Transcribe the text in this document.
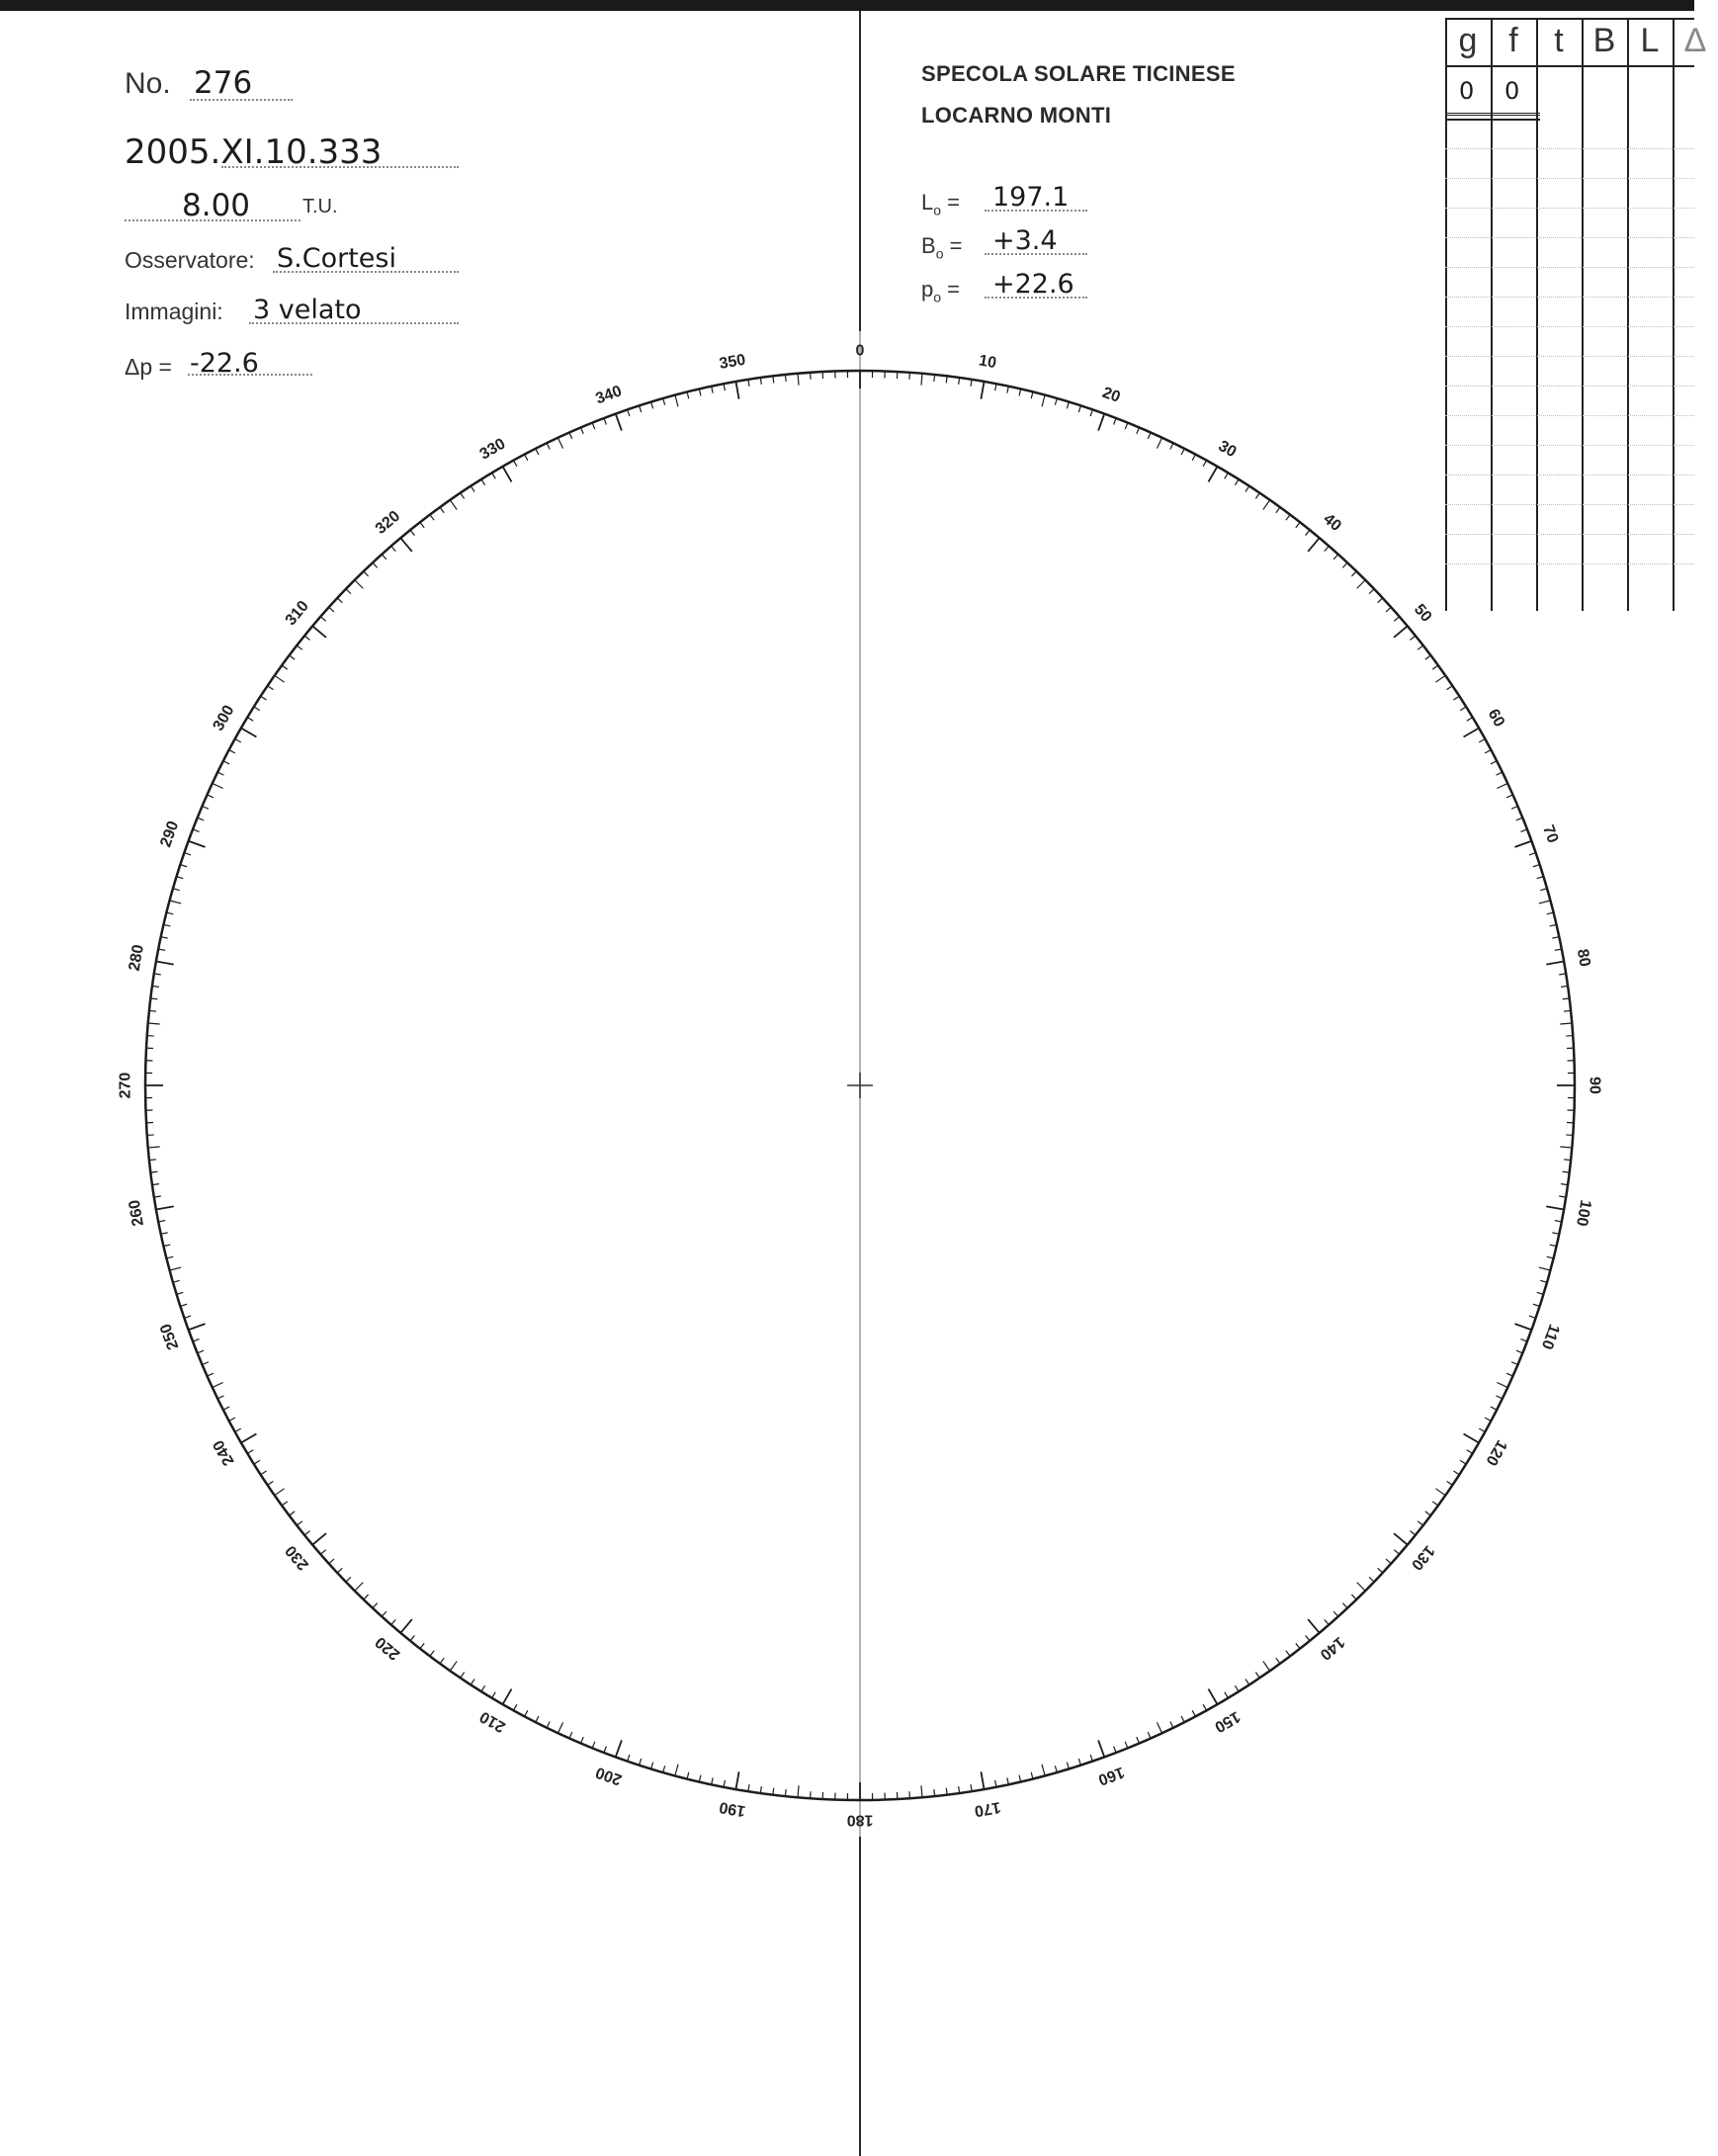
No. 276
2005.XI.10.333
8.00	T.U.
Osservatore: S.Cortesi
Immagini: 3 velato
Δp = -22.6
SPECOLA SOLARE TICINESE
LOCARNO MONTI
$L_o = 197.1$
$B_o = +3.4$
$p_o = +22.6$
g f	t B L Δ
0 0
0
10
20
30
40
50
60
70
80
90
100
110
120
130
140
150
160
170
180
190
200
210
220
230
240
250
260
270
280
290
300
310
320
330
340
350
